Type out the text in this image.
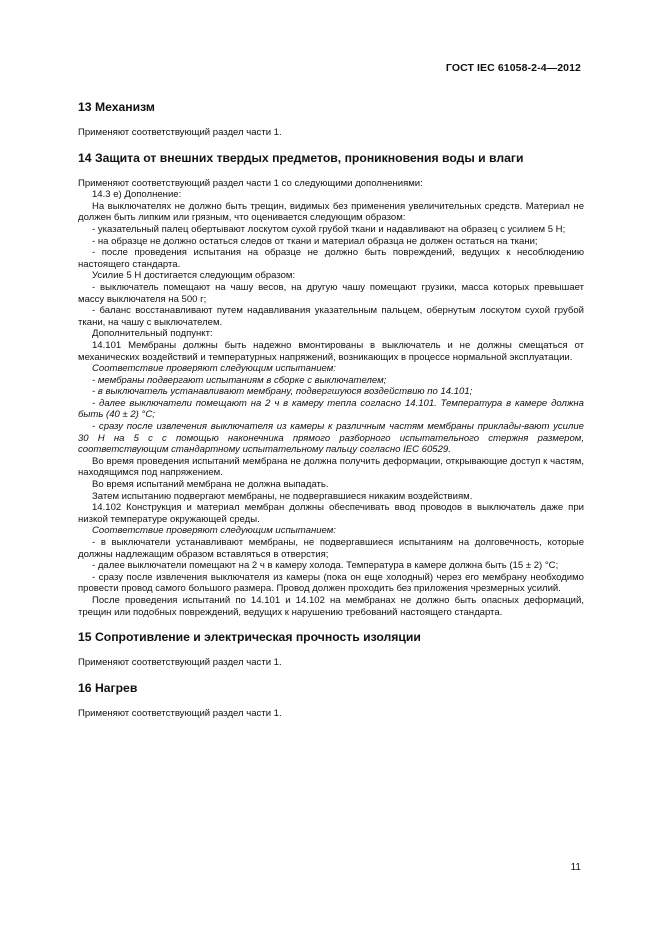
ГОСТ IEC 61058-2-4—2012
13 Механизм

Применяют соответствующий раздел части 1.

14 Защита от внешних твердых предметов, проникновения воды и влаги

Применяют соответствующий раздел части 1 со следующими дополнениями:

14.3 е) Дополнение:

На выключателях не должно быть трещин, видимых без применения увеличительных средств. Материал не должен быть липким или грязным, что оценивается следующим образом:

- указательный палец обертывают лоскутом сухой грубой ткани и надавливают на образец с усилием 5 Н;

- на образце не должно остаться следов от ткани и материал образца не должен остаться на ткани;

- после проведения испытания на образце не должно быть повреждений, ведущих к несоблюдению настоящего стандарта.

Усилие 5 Н достигается следующим образом:

- выключатель помещают на чашу весов, на другую чашу помещают грузики, масса которых превышает массу выключателя на 500 г;

- баланс восстанавливают путем надавливания указательным пальцем, обернутым лоскутом сухой грубой ткани, на чашу с выключателем.

Дополнительный подпункт:

14.101 Мембраны должны быть надежно вмонтированы в выключатель и не должны смещаться от механических воздействий и температурных напряжений, возникающих в процессе нормальной эксплуатации.

Соответствие проверяют следующим испытанием:

- мембраны подвергают испытаниям в сборке с выключателем;

- в выключатель устанавливают мембрану, подвергшуюся воздействию по 14.101;

- далее выключатели помещают на 2 ч в камеру тепла согласно 14.101. Температура в камере должна быть (40 ± 2) °С;

- сразу после извлечения выключателя из камеры к различным частям мембраны приклады-вают усилие 30 Н на 5 с с помощью наконечника прямого разборного испытательного стержня размером, соответствующим стандартному испытательному пальцу согласно IEC 60529.

Во время проведения испытаний мембрана не должна получить деформации, открывающие доступ к частям, находящимся под напряжением.

Во время испытаний мембрана не должна выпадать.

Затем испытанию подвергают мембраны, не подвергавшиеся никаким воздействиям.

14.102 Конструкция и материал мембран должны обеспечивать ввод проводов в выключатель даже при низкой температуре окружающей среды.

Соответствие проверяют следующим испытанием:

- в выключатели устанавливают мембраны, не подвергавшиеся испытаниям на долговечность, которые должны надлежащим образом вставляться в отверстия;

- далее выключатели помещают на 2 ч в камеру холода. Температура в камере должна быть (15 ± 2) °С;

- сразу после извлечения выключателя из камеры (пока он еще холодный) через его мембрану необходимо провести провод самого большого размера. Провод должен проходить без приложения чрезмерных усилий.

После проведения испытаний по 14.101 и 14.102 на мембранах не должно быть опасных деформаций, трещин или подобных повреждений, ведущих к нарушению требований настоящего стандарта.

15 Сопротивление и электрическая прочность изоляции

Применяют соответствующий раздел части 1.

16 Нагрев

Применяют соответствующий раздел части 1.

11
